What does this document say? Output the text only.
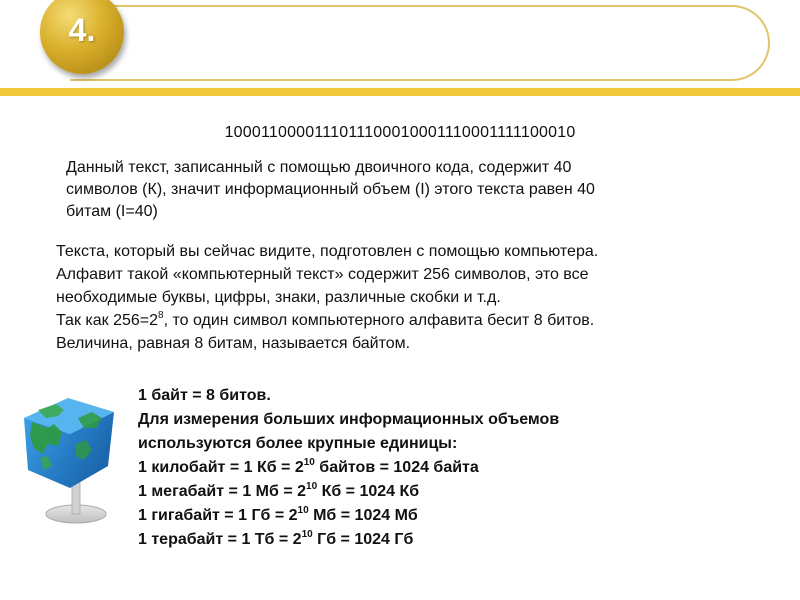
4.
1000110000111011100010001110001111100010
Данный текст, записанный с помощью двоичного кода, содержит 40
символов (К), значит информационный объем (I) этого текста равен 40
битам (I=40)
Текста, который вы сейчас видите, подготовлен с помощью компьютера.
Алфавит такой «компьютерный текст» содержит 256 символов, это все
необходимые буквы, цифры, знаки, различные скобки и т.д.
Так как $256=2^8$, то один символ компьютерного алфавита бесит 8 битов.
Величина, равная 8 битам, называется байтом.
1 байт = 8 битов.
Для измерения больших информационных объемов
используются более крупные единицы:
1 килобайт = 1 Кб = $2^{10}$ байтов = 1024 байта
1 мегабайт = 1 Мб = $2^{10}$ Кб = 1024 Кб
1 гигабайт = 1 Гб = $2^{10}$ Мб = 1024 Мб
1 терабайт = 1 Тб = $2^{10}$ Гб = 1024 Гб
